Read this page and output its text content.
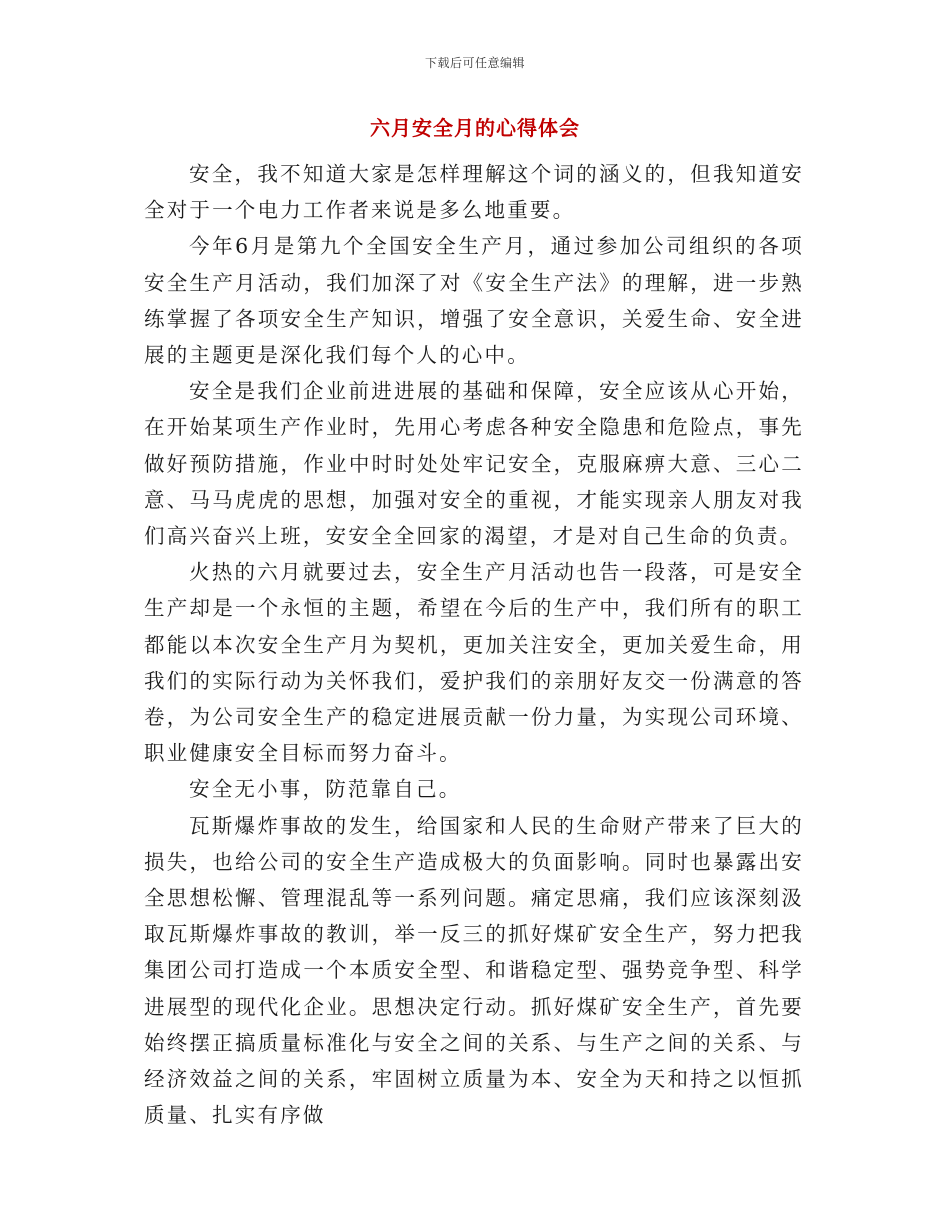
下载后可任意编辑
六月安全月的心得体会

安全，我不知道大家是怎样理解这个词的涵义的，但我知道安全对于一个电力工作者来说是多么地重要。

今年6月是第九个全国安全生产月，通过参加公司组织的各项安全生产月活动，我们加深了对《安全生产法》的理解，进一步熟练掌握了各项安全生产知识，增强了安全意识，关爱生命、安全进展的主题更是深化我们每个人的心中。

安全是我们企业前进进展的基础和保障，安全应该从心开始，在开始某项生产作业时，先用心考虑各种安全隐患和危险点，事先做好预防措施，作业中时时处处牢记安全，克服麻痹大意、三心二意、马马虎虎的思想，加强对安全的重视，才能实现亲人朋友对我们高兴奋兴上班，安安全全回家的渴望，才是对自己生命的负责。

火热的六月就要过去，安全生产月活动也告一段落，可是安全生产却是一个永恒的主题，希望在今后的生产中，我们所有的职工都能以本次安全生产月为契机，更加关注安全，更加关爱生命，用我们的实际行动为关怀我们，爱护我们的亲朋好友交一份满意的答卷，为公司安全生产的稳定进展贡献一份力量，为实现公司环境、职业健康安全目标而努力奋斗。

安全无小事，防范靠自己。

瓦斯爆炸事故的发生，给国家和人民的生命财产带来了巨大的损失，也给公司的安全生产造成极大的负面影响。同时也暴露出安全思想松懈、管理混乱等一系列问题。痛定思痛，我们应该深刻汲取瓦斯爆炸事故的教训，举一反三的抓好煤矿安全生产，努力把我集团公司打造成一个本质安全型、和谐稳定型、强势竞争型、科学进展型的现代化企业。思想决定行动。抓好煤矿安全生产，首先要始终摆正搞质量标准化与安全之间的关系、与生产之间的关系、与经济效益之间的关系，牢固树立质量为本、安全为天和持之以恒抓质量、扎实有序做
